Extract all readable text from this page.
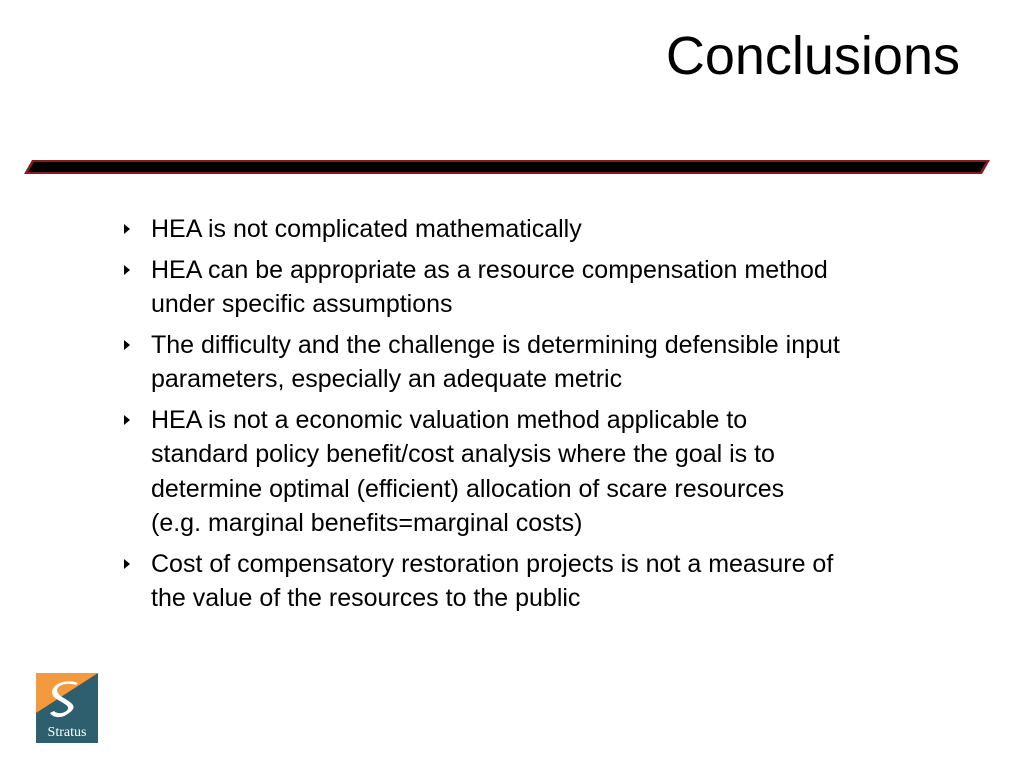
Conclusions
HEA is not complicated mathematically
HEA can be appropriate as a resource compensation method
under specific assumptions
The difficulty and the challenge is determining defensible input
parameters, especially an adequate metric
HEA is not a economic valuation method applicable to
standard policy benefit/cost analysis where the goal is to
determine optimal (efficient) allocation of scare resources
(e.g. marginal benefits=marginal costs)
Cost of compensatory restoration projects is not a measure of
the value of the resources to the public
Stratus
